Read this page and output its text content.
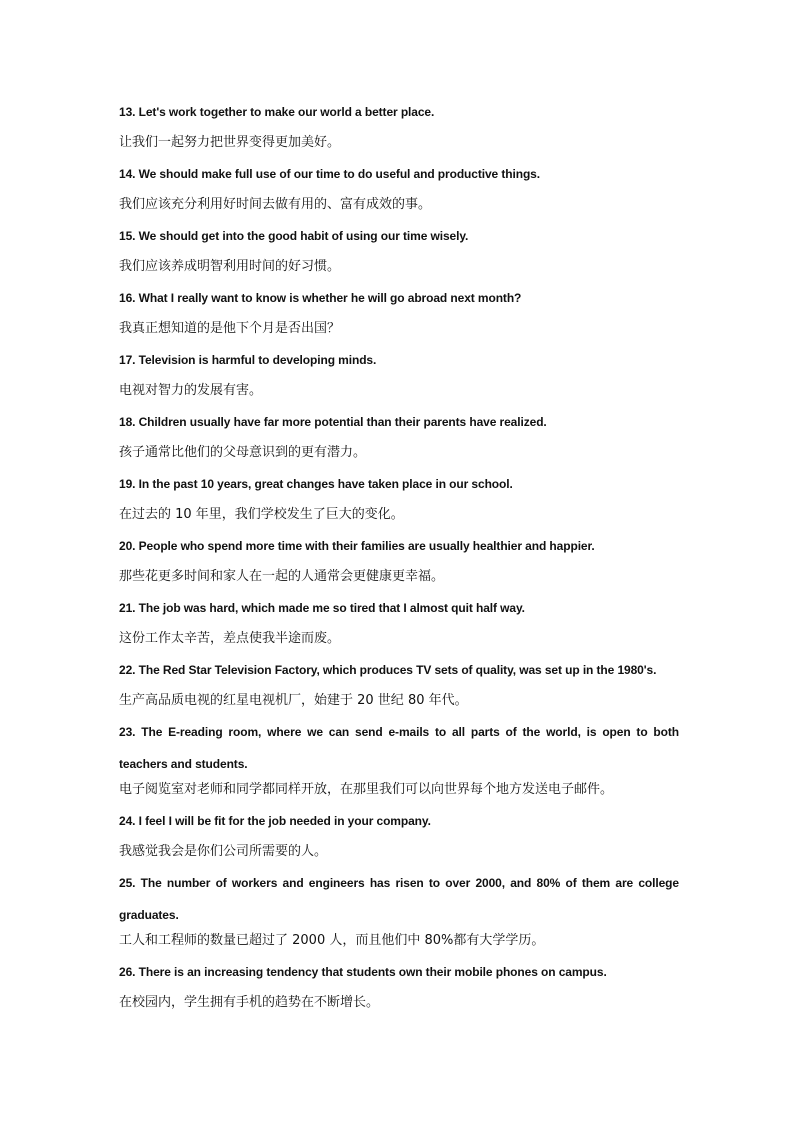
13. Let's work together to make our world a better place.

让我们一起努力把世界变得更加美好。

14. We should make full use of our time to do useful and productive things.

我们应该充分利用好时间去做有用的、富有成效的事。

15. We should get into the good habit of using our time wisely.

我们应该养成明智利用时间的好习惯。

16. What I really want to know is whether he will go abroad next month?

我真正想知道的是他下个月是否出国？

17. Television is harmful to developing minds.

电视对智力的发展有害。

18. Children usually have far more potential than their parents have realized.

孩子通常比他们的父母意识到的更有潜力。

19. In the past 10 years, great changes have taken place in our school.

在过去的 10 年里，我们学校发生了巨大的变化。

20. People who spend more time with their families are usually healthier and happier.

那些花更多时间和家人在一起的人通常会更健康更幸福。

21. The job was hard, which made me so tired that I almost quit half way.

这份工作太辛苦，差点使我半途而废。

22. The Red Star Television Factory, which produces TV sets of quality, was set up in the 1980's.

生产高品质电视的红星电视机厂，始建于 20 世纪 80 年代。

23. The E-reading room, where we can send e-mails to all parts of the world, is open to both teachers and students.

电子阅览室对老师和同学都同样开放，在那里我们可以向世界每个地方发送电子邮件。

24. I feel I will be fit for the job needed in your company.

我感觉我会是你们公司所需要的人。

25. The number of workers and engineers has risen to over 2000, and 80% of them are college graduates.

工人和工程师的数量已超过了 2000 人，而且他们中 80%都有大学学历。

26. There is an increasing tendency that students own their mobile phones on campus.

在校园内，学生拥有手机的趋势在不断增长。
